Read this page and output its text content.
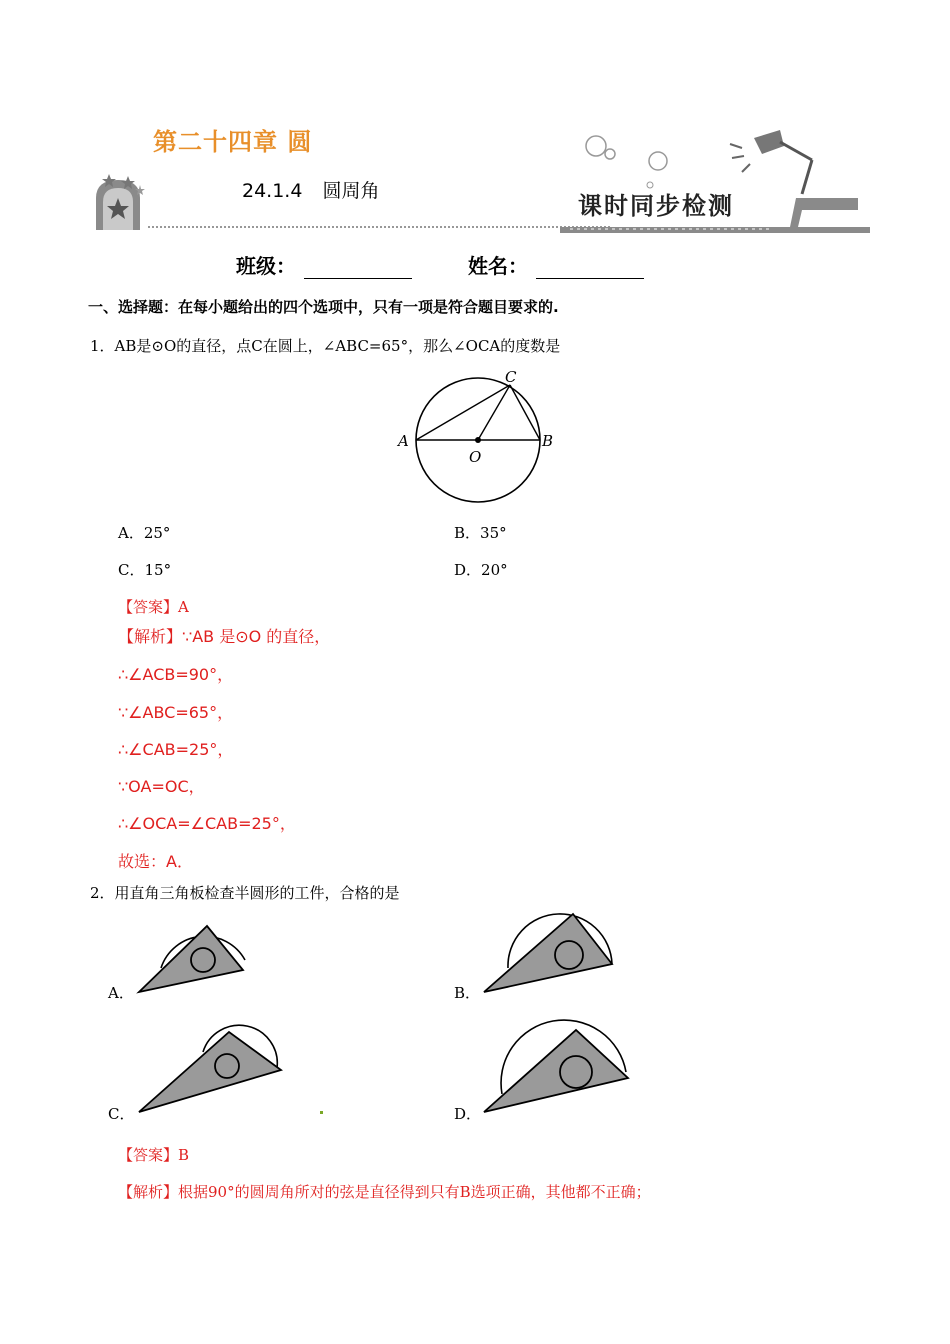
第二十四章 圆
24.1.4 圆周角	课时同步检测
班级：	姓名：
一、选择题：在每小题给出的四个选项中，只有一项是符合题目要求的.
1．AB是⊙O的直径，点C在圆上，∠ABC=65°，那么∠OCA的度数是
A	B
C
O
A．25°	B．35°
C．15°	D．20°
【答案】A
【解析】∵AB 是⊙O 的直径，
∴∠ACB=90°，
∵∠ABC=65°，
∴∠CAB=25°，
∵OA=OC，
∴∠OCA=∠CAB=25°，
故选：A．
2．用直角三角板检查半圆形的工件，合格的是
A．	B．
C．	D．
【答案】B
【解析】根据90°的圆周角所对的弦是直径得到只有B选项正确，其他都不正确；
